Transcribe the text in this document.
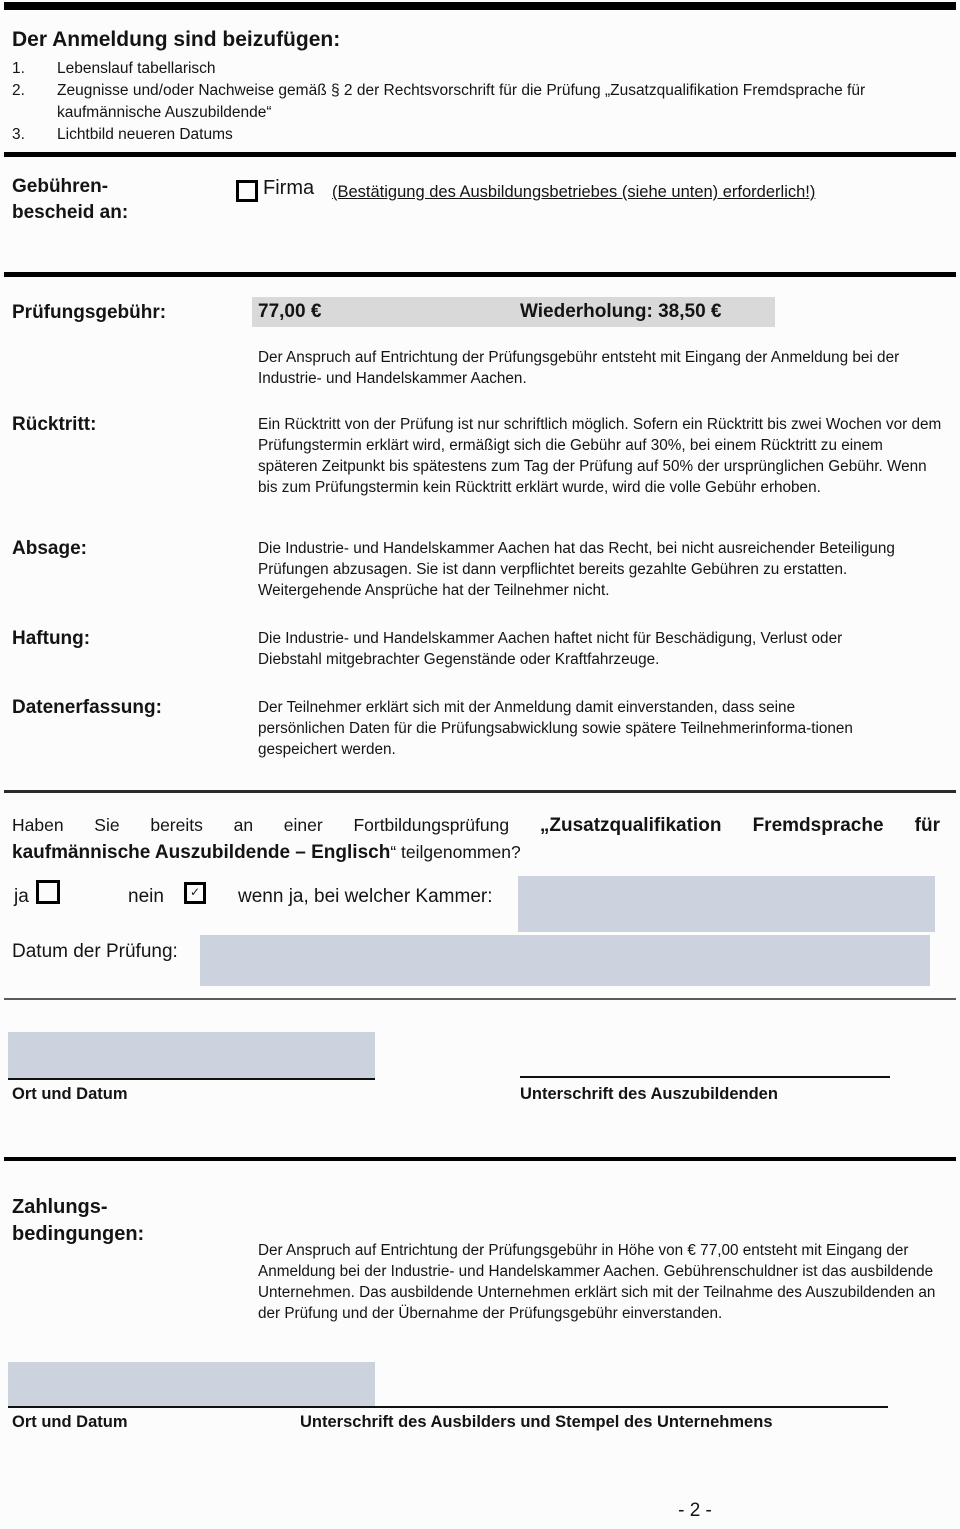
Der Anmeldung sind beizufügen:
1.	Lebenslauf tabellarisch
2.	Zeugnisse und/oder Nachweise gemäß § 2 der Rechtsvorschrift für die Prüfung „Zusatzqualifikation Fremdsprache für kaufmännische Auszubildende“
3.	Lichtbild neueren Datums
Gebühren-
bescheid an:
Firma (Bestätigung des Ausbildungsbetriebes (siehe unten) erforderlich!)
Prüfungsgebühr:	77,00 €	Wiederholung: 38,50 €
Der Anspruch auf Entrichtung der Prüfungsgebühr entsteht mit Eingang der Anmeldung bei der Industrie- und Handelskammer Aachen.
Rücktritt:	Ein Rücktritt von der Prüfung ist nur schriftlich möglich. Sofern ein Rücktritt bis zwei Wochen vor dem Prüfungstermin erklärt wird, ermäßigt sich die Gebühr auf 30%, bei einem Rücktritt zu einem späteren Zeitpunkt bis spätestens zum Tag der Prüfung auf 50% der ursprünglichen Gebühr. Wenn bis zum Prüfungstermin kein Rücktritt erklärt wurde, wird die volle Gebühr erhoben.
Absage:	Die Industrie- und Handelskammer Aachen hat das Recht, bei nicht ausreichender Beteiligung Prüfungen abzusagen. Sie ist dann verpflichtet bereits gezahlte Gebühren zu erstatten. Weitergehende Ansprüche hat der Teilnehmer nicht.
Haftung:	Die Industrie- und Handelskammer Aachen haftet nicht für Beschädigung, Verlust oder Diebstahl mitgebrachter Gegenstände oder Kraftfahrzeuge.
Datenerfassung:	Der Teilnehmer erklärt sich mit der Anmeldung damit einverstanden, dass seine persönlichen Daten für die Prüfungsabwicklung sowie spätere Teilnehmerinforma-tionen gespeichert werden.
Haben Sie bereits an einer Fortbildungsprüfung „Zusatzqualifikation Fremdsprache für
kaufmännische Auszubildende – Englisch“ teilgenommen?
ja	nein	✓	wenn ja, bei welcher Kammer:
Datum der Prüfung:
Ort und Datum	Unterschrift des Auszubildenden
Zahlungs-
bedingungen:
Der Anspruch auf Entrichtung der Prüfungsgebühr in Höhe von € 77,00 entsteht mit Eingang der Anmeldung bei der Industrie- und Handelskammer Aachen. Gebührenschuldner ist das ausbildende Unternehmen. Das ausbildende Unternehmen erklärt sich mit der Teilnahme des Auszubildenden an der Prüfung und der Übernahme der Prüfungsgebühr einverstanden.
Ort und Datum	Unterschrift des Ausbilders und Stempel des Unternehmens
- 2 -
